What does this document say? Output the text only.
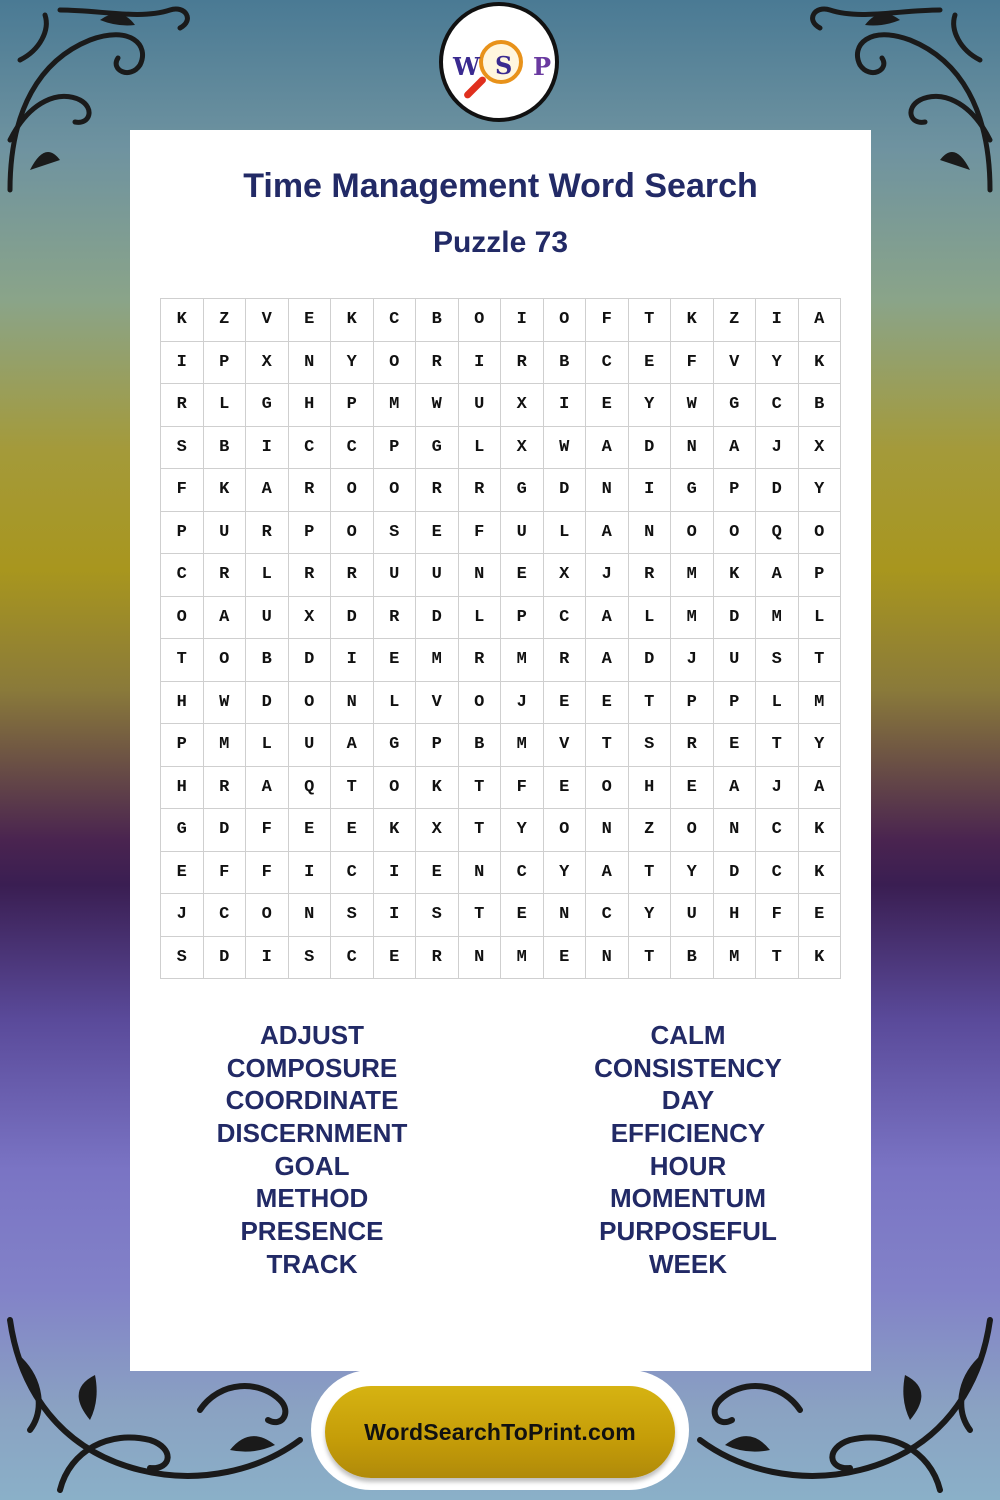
W S P
Time Management Word Search
Puzzle 73
K	Z	V	E	K	C	B	O	I	O	F	T	K	Z	I	A
I	P	X	N	Y	O	R	I	R	B	C	E	F	V	Y	K
R	L	G	H	P	M	W	U	X	I	E	Y	W	G	C	B
S	B	I	C	C	P	G	L	X	W	A	D	N	A	J	X
F	K	A	R	O	O	R	R	G	D	N	I	G	P	D	Y
P	U	R	P	O	S	E	F	U	L	A	N	O	O	Q	O
C	R	L	R	R	U	U	N	E	X	J	R	M	K	A	P
O	A	U	X	D	R	D	L	P	C	A	L	M	D	M	L
T	O	B	D	I	E	M	R	M	R	A	D	J	U	S	T
H	W	D	O	N	L	V	O	J	E	E	T	P	P	L	M
P	M	L	U	A	G	P	B	M	V	T	S	R	E	T	Y
H	R	A	Q	T	O	K	T	F	E	O	H	E	A	J	A
G	D	F	E	E	K	X	T	Y	O	N	Z	O	N	C	K
E	F	F	I	C	I	E	N	C	Y	A	T	Y	D	C	K
J	C	O	N	S	I	S	T	E	N	C	Y	U	H	F	E
S	D	I	S	C	E	R	N	M	E	N	T	B	M	T	K
ADJUST
COMPOSURE
COORDINATE
DISCERNMENT
GOAL
METHOD
PRESENCE
TRACK
CALM
CONSISTENCY
DAY
EFFICIENCY
HOUR
MOMENTUM
PURPOSEFUL
WEEK
WordSearchToPrint.com
